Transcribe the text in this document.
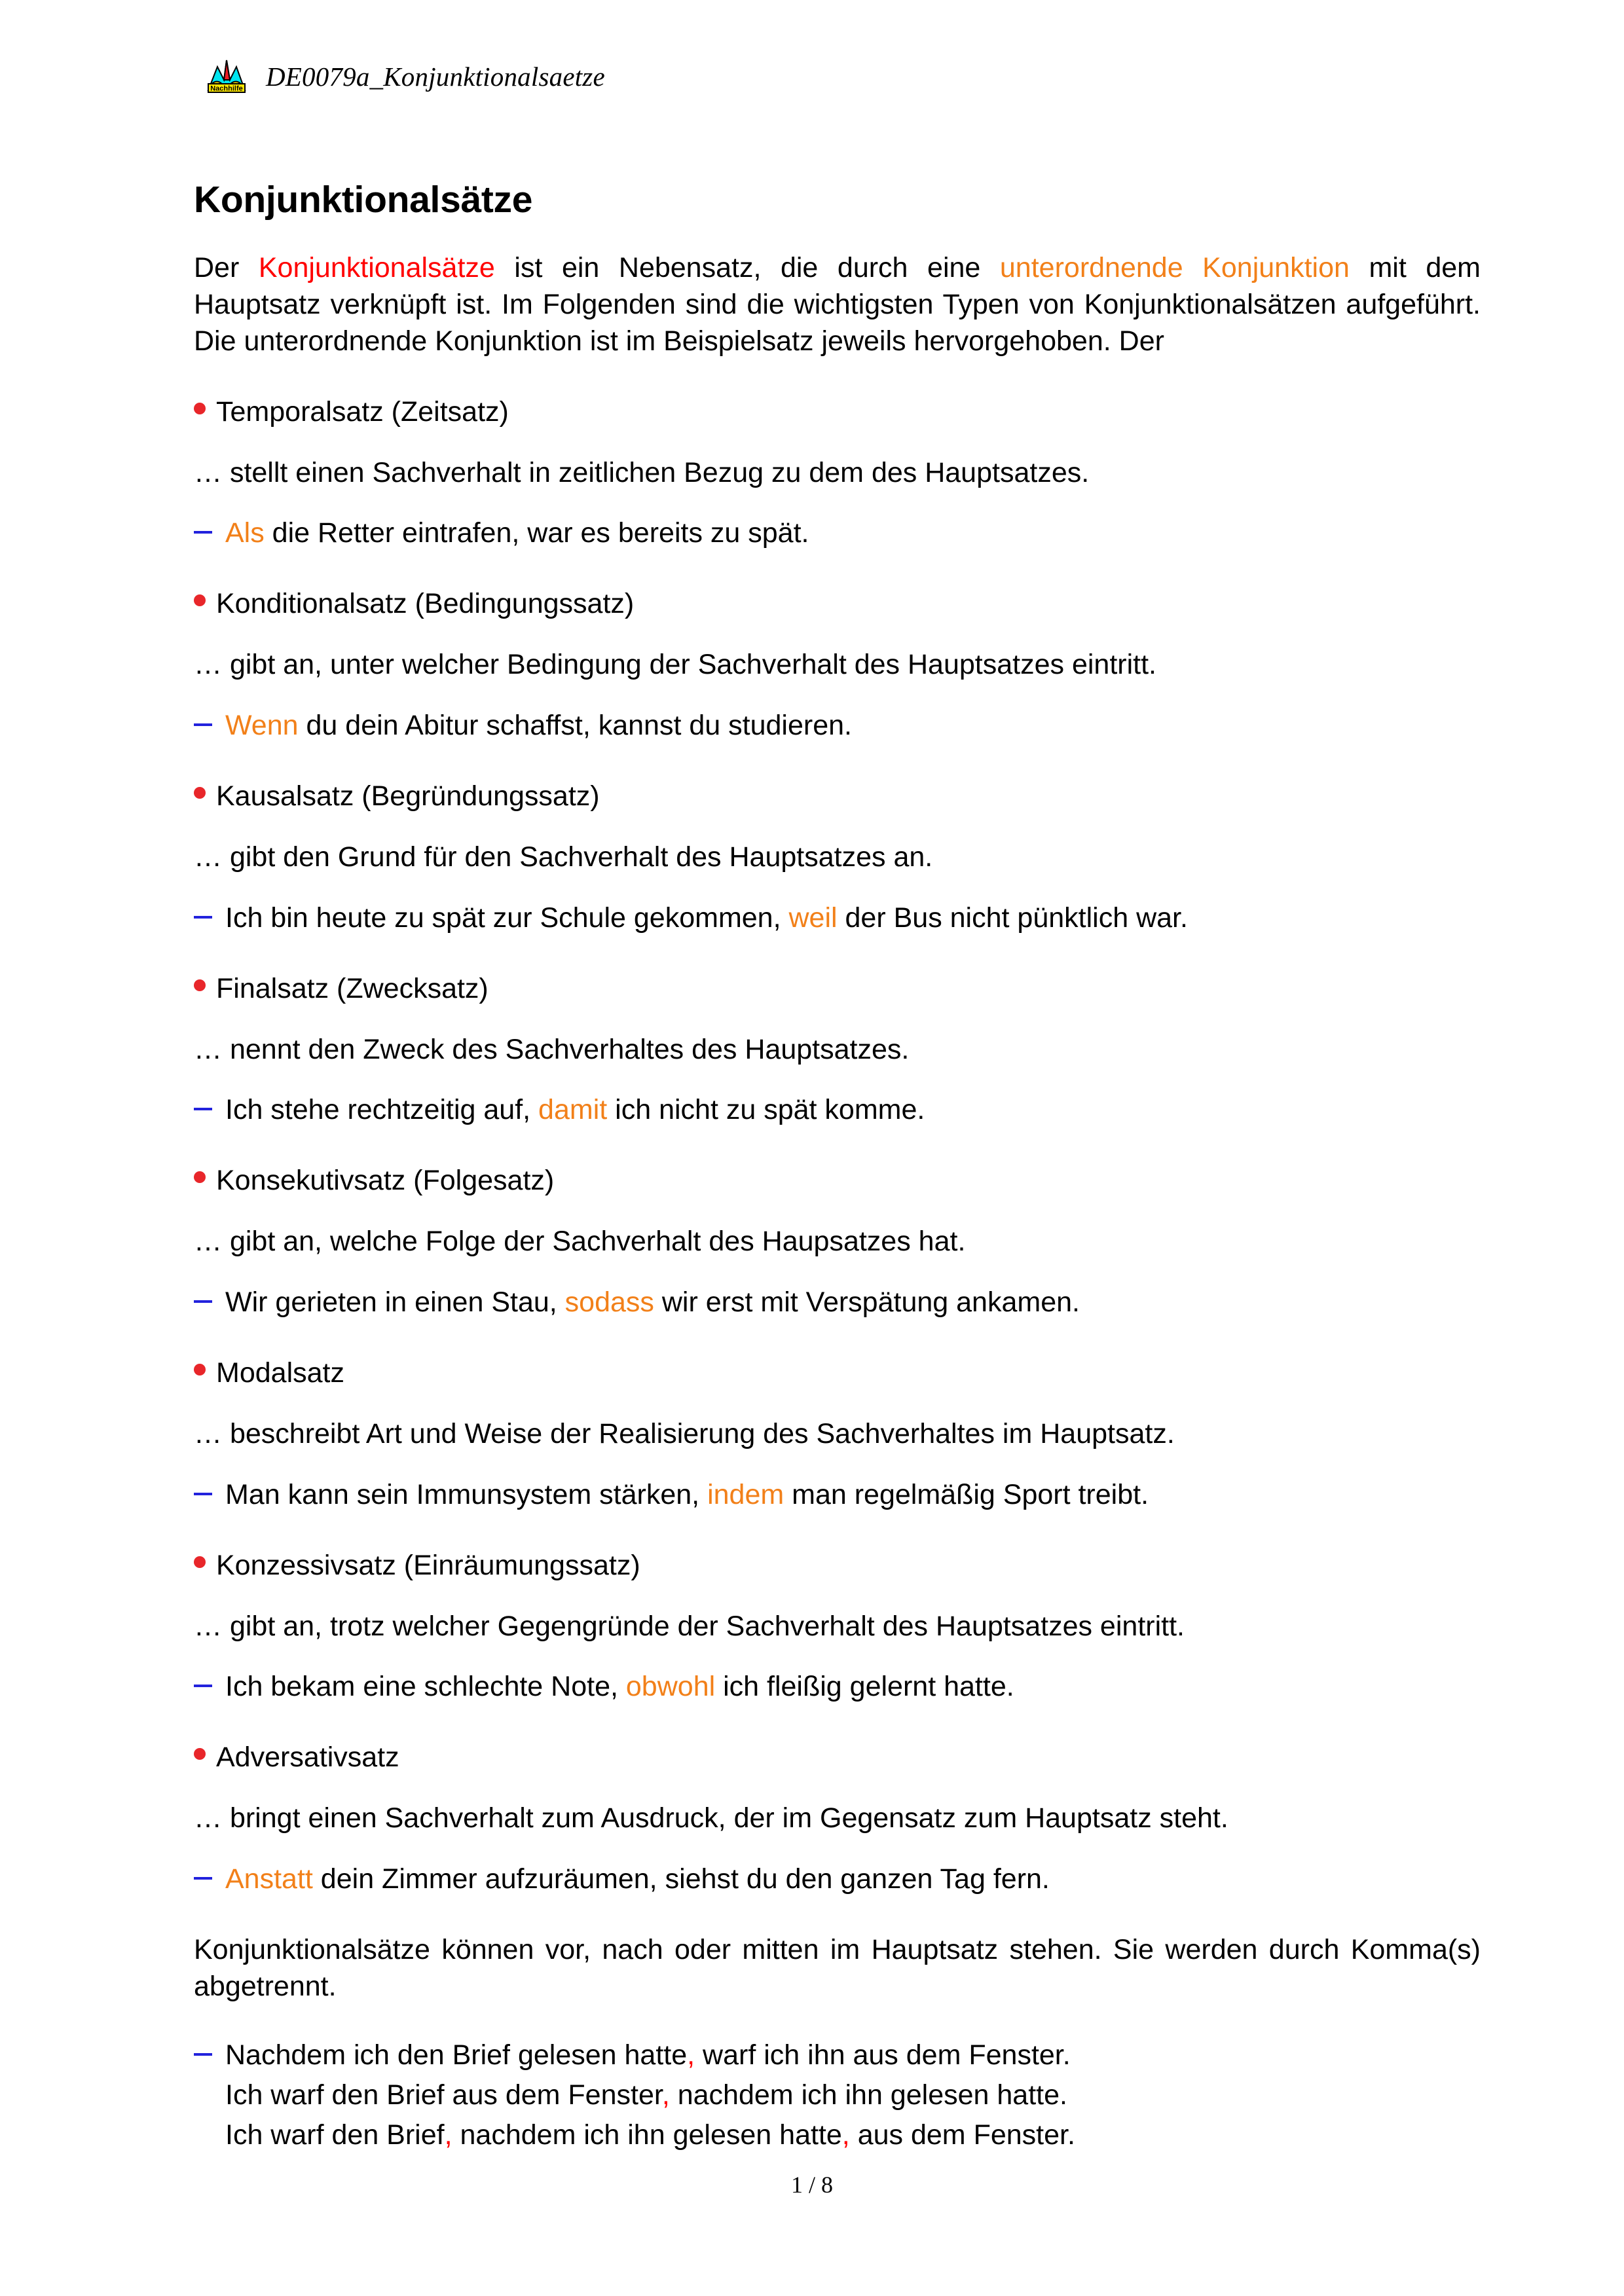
Nachhilfe DE0079a_Konjunktionalsaetze
Konjunktionalsätze

Der Konjunktionalsätze ist ein Nebensatz, die durch eine unterordnende Konjunktion mit dem Hauptsatz verknüpft ist. Im Folgenden sind die wichtigsten Typen von Konjunktionalsätzen aufgeführt. Die unterordnende Konjunktion ist im Beispielsatz jeweils hervorgehoben. Der

Temporalsatz (Zeitsatz)
… stellt einen Sachverhalt in zeitlichen Bezug zu dem des Hauptsatzes.
Als die Retter eintrafen, war es bereits zu spät.
Konditionalsatz (Bedingungssatz)
… gibt an, unter welcher Bedingung der Sachverhalt des Hauptsatzes eintritt.
Wenn du dein Abitur schaffst, kannst du studieren.
Kausalsatz (Begründungssatz)
… gibt den Grund für den Sachverhalt des Hauptsatzes an.
Ich bin heute zu spät zur Schule gekommen, weil der Bus nicht pünktlich war.
Finalsatz (Zwecksatz)
… nennt den Zweck des Sachverhaltes des Hauptsatzes.
Ich stehe rechtzeitig auf, damit ich nicht zu spät komme.
Konsekutivsatz (Folgesatz)
… gibt an, welche Folge der Sachverhalt des Haupsatzes hat.
Wir gerieten in einen Stau, sodass wir erst mit Verspätung ankamen.
Modalsatz
… beschreibt Art und Weise der Realisierung des Sachverhaltes im Hauptsatz.
Man kann sein Immunsystem stärken, indem man regelmäßig Sport treibt.
Konzessivsatz (Einräumungssatz)
… gibt an, trotz welcher Gegengründe der Sachverhalt des Hauptsatzes eintritt.
Ich bekam eine schlechte Note, obwohl ich fleißig gelernt hatte.
Adversativsatz
… bringt einen Sachverhalt zum Ausdruck, der im Gegensatz zum Hauptsatz steht.
Anstatt dein Zimmer aufzuräumen, siehst du den ganzen Tag fern.

Konjunktionalsätze können vor, nach oder mitten im Hauptsatz stehen. Sie werden durch Komma(s) abgetrennt.

Nachdem ich den Brief gelesen hatte, warf ich ihn aus dem Fenster.
Ich warf den Brief aus dem Fenster, nachdem ich ihn gelesen hatte.
Ich warf den Brief, nachdem ich ihn gelesen hatte, aus dem Fenster.
1 / 8
